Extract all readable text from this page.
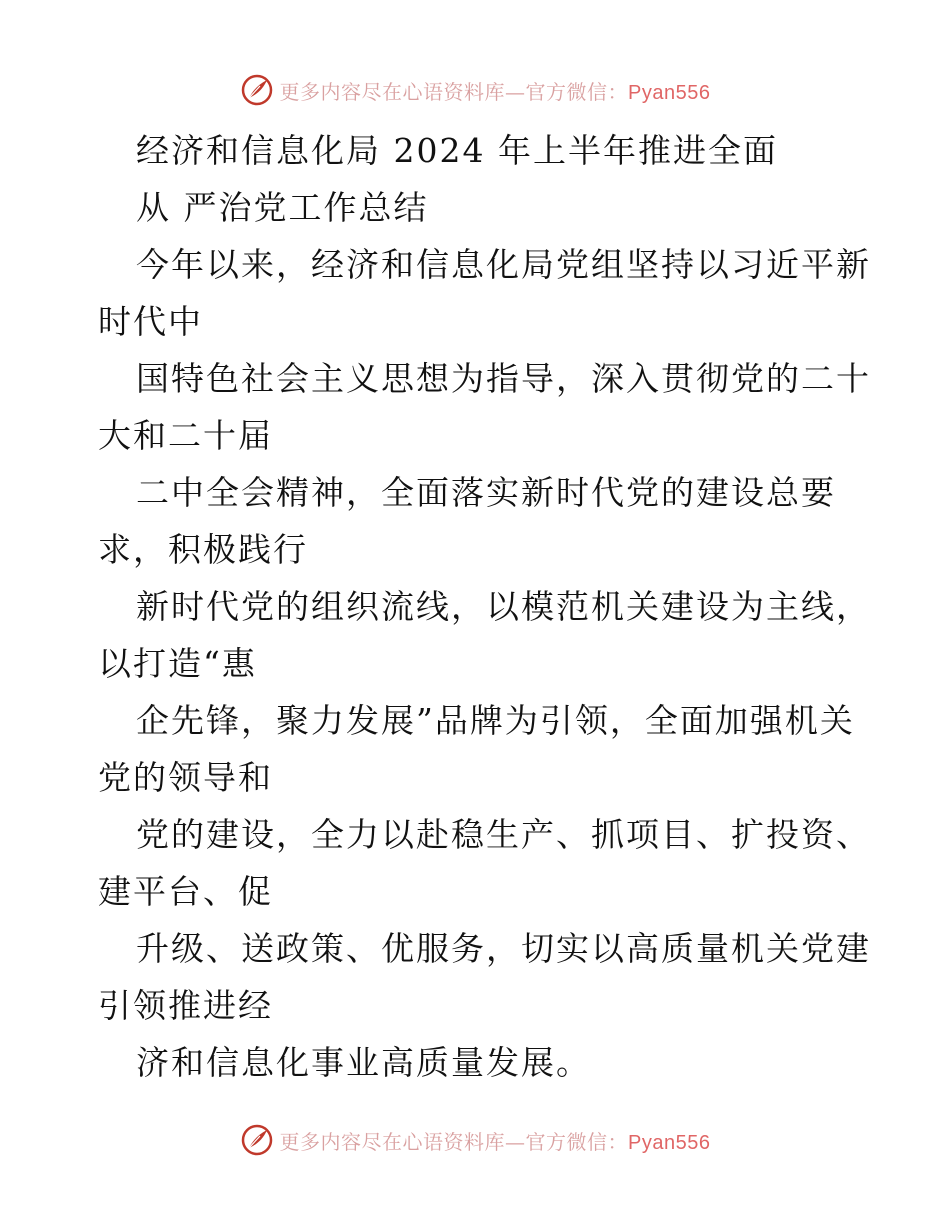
更多内容尽在心语资料库—官方微信：Pyan556
经济和信息化局 2024 年上半年推进全面
从 严治党工作总结
今年以来，经济和信息化局党组坚持以习近平新
时代中
国特色社会主义思想为指导，深入贯彻党的二十
大和二十届
二中全会精神，全面落实新时代党的建设总要
求，积极践行
新时代党的组织流线，以模范机关建设为主线，
以打造“惠
企先锋，聚力发展”品牌为引领，全面加强机关
党的领导和
党的建设，全力以赴稳生产、抓项目、扩投资、
建平台、促
升级、送政策、优服务，切实以高质量机关党建
引领推进经
济和信息化事业高质量发展。
更多内容尽在心语资料库—官方微信：Pyan556
